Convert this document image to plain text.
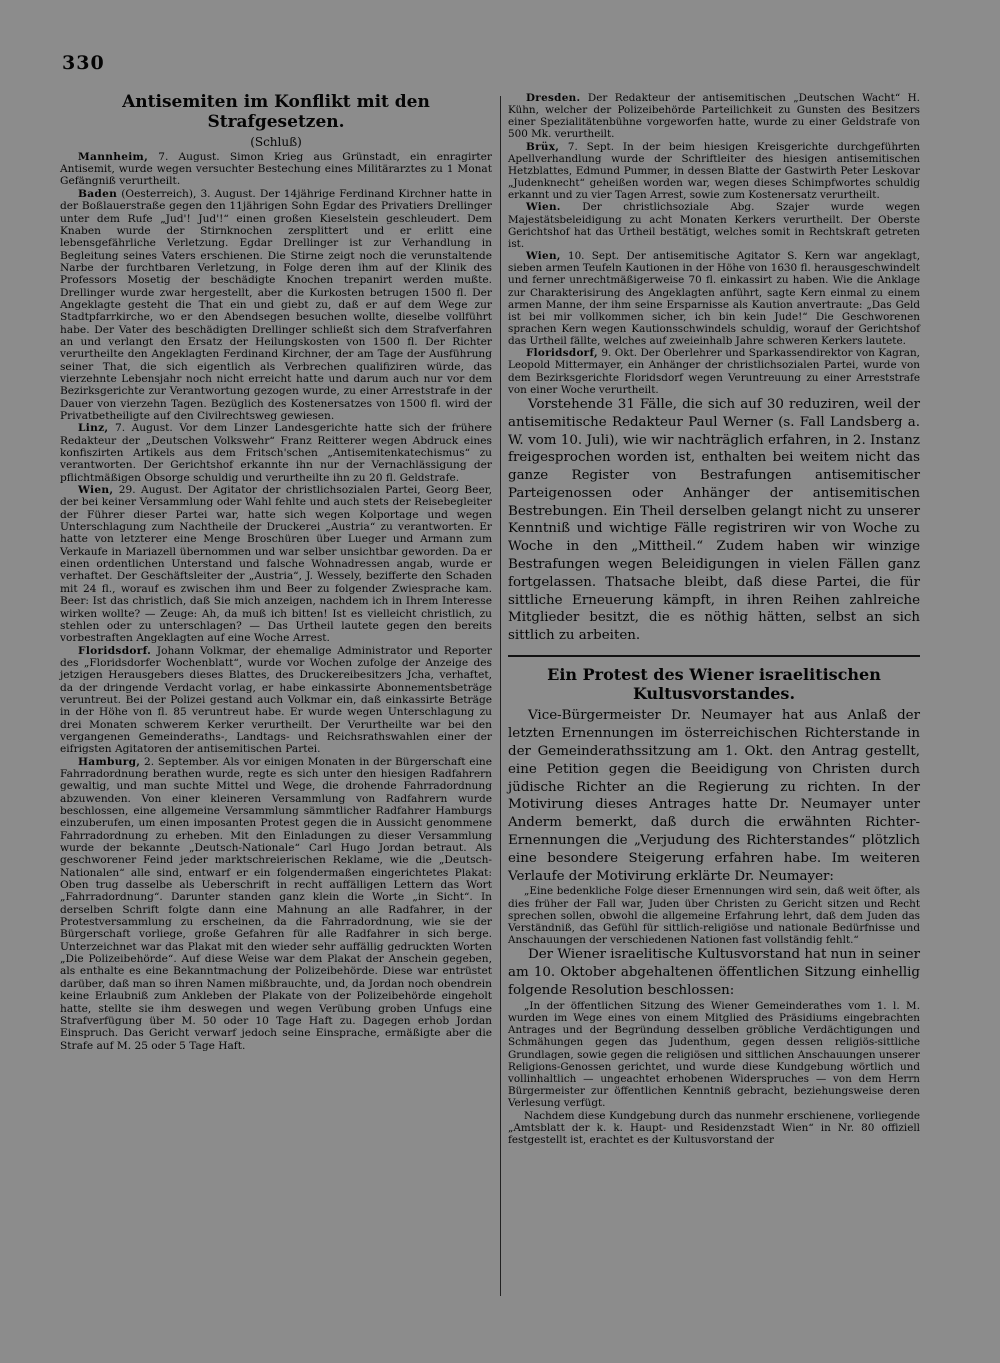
330
Antisemiten im Konflikt mit den Strafgesetzen.
(Schluß)

Mannheim, 7. August. Simon Krieg aus Grünstadt, ein enragirter Antisemit, wurde wegen versuchter Bestechung eines Militärarztes zu 1 Monat Gefängniß verurtheilt.

Baden (Oesterreich), 3. August. Der 14jährige Ferdinand Kirchner hatte in der Boßlauerstraße gegen den 11jährigen Sohn Egdar des Privatiers Drellinger unter dem Rufe „Jud'! Jud'!“ einen großen Kieselstein geschleudert. Dem Knaben wurde der Stirnknochen zersplittert und er erlitt eine lebensgefährliche Verletzung. Egdar Drellinger ist zur Verhandlung in Begleitung seines Vaters erschienen. Die Stirne zeigt noch die verunstaltende Narbe der furchtbaren Verletzung, in Folge deren ihm auf der Klinik des Professors Mosetig der beschädigte Knochen trepanirt werden mußte. Drellinger wurde zwar hergestellt, aber die Kurkosten betrugen 1500 fl. Der Angeklagte gesteht die That ein und giebt zu, daß er auf dem Wege zur Stadtpfarrkirche, wo er den Abendsegen besuchen wollte, dieselbe vollführt habe. Der Vater des beschädigten Drellinger schließt sich dem Strafverfahren an und verlangt den Ersatz der Heilungskosten von 1500 fl. Der Richter verurtheilte den Angeklagten Ferdinand Kirchner, der am Tage der Ausführung seiner That, die sich eigentlich als Verbrechen qualifiziren würde, das vierzehnte Lebensjahr noch nicht erreicht hatte und darum auch nur vor dem Bezirksgerichte zur Verantwortung gezogen wurde, zu einer Arreststrafe in der Dauer von vierzehn Tagen. Bezüglich des Kostenersatzes von 1500 fl. wird der Privatbetheiligte auf den Civilrechtsweg gewiesen.

Linz, 7. August. Vor dem Linzer Landesgerichte hatte sich der frühere Redakteur der „Deutschen Volkswehr“ Franz Reitterer wegen Abdruck eines konfiszirten Artikels aus dem Fritsch'schen „Antisemitenkatechismus“ zu verantworten. Der Gerichtshof erkannte ihn nur der Vernachlässigung der pflichtmäßigen Obsorge schuldig und verurtheilte ihn zu 20 fl. Geldstrafe.

Wien, 29. August. Der Agitator der christlichsozialen Partei, Georg Beer, der bei keiner Versammlung oder Wahl fehlte und auch stets der Reisebegleiter der Führer dieser Partei war, hatte sich wegen Kolportage und wegen Unterschlagung zum Nachtheile der Druckerei „Austria“ zu verantworten. Er hatte von letzterer eine Menge Broschüren über Lueger und Armann zum Verkaufe in Mariazell übernommen und war selber unsichtbar geworden. Da er einen ordentlichen Unterstand und falsche Wohnadressen angab, wurde er verhaftet. Der Geschäftsleiter der „Austria“, J. Wessely, bezifferte den Schaden mit 24 fl., worauf es zwischen ihm und Beer zu folgender Zwiesprache kam. Beer: Ist das christlich, daß Sie mich anzeigen, nachdem ich in Ihrem Interesse wirken wollte? — Zeuge: Ah, da muß ich bitten! Ist es vielleicht christlich, zu stehlen oder zu unterschlagen? — Das Urtheil lautete gegen den bereits vorbestraften Angeklagten auf eine Woche Arrest.

Floridsdorf. Johann Volkmar, der ehemalige Administrator und Reporter des „Floridsdorfer Wochenblatt“, wurde vor Wochen zufolge der Anzeige des jetzigen Herausgebers dieses Blattes, des Druckereibesitzers Jcha, verhaftet, da der dringende Verdacht vorlag, er habe einkassirte Abonnementsbeträge veruntreut. Bei der Polizei gestand auch Volkmar ein, daß einkassirte Beträge in der Höhe von fl. 85 veruntreut habe. Er wurde wegen Unterschlagung zu drei Monaten schwerem Kerker verurtheilt. Der Verurtheilte war bei den vergangenen Gemeinderaths-, Landtags- und Reichsrathswahlen einer der eifrigsten Agitatoren der antisemitischen Partei.

Hamburg, 2. September. Als vor einigen Monaten in der Bürgerschaft eine Fahrradordnung berathen wurde, regte es sich unter den hiesigen Radfahrern gewaltig, und man suchte Mittel und Wege, die drohende Fahrradordnung abzuwenden. Von einer kleineren Versammlung von Radfahrern wurde beschlossen, eine allgemeine Versammlung sämmtlicher Radfahrer Hamburgs einzuberufen, um einen imposanten Protest gegen die in Aussicht genommene Fahrradordnung zu erheben. Mit den Einladungen zu dieser Versammlung wurde der bekannte „Deutsch-Nationale“ Carl Hugo Jordan betraut. Als geschworener Feind jeder marktschreierischen Reklame, wie die „Deutsch-Nationalen“ alle sind, entwarf er ein folgendermaßen eingerichtetes Plakat: Oben trug dasselbe als Ueberschrift in recht auffälligen Lettern das Wort „Fahrradordnung“. Darunter standen ganz klein die Worte „in Sicht“. In derselben Schrift folgte dann eine Mahnung an alle Radfahrer, in der Protestversammlung zu erscheinen, da die Fahrradordnung, wie sie der Bürgerschaft vorliege, große Gefahren für alle Radfahrer in sich berge. Unterzeichnet war das Plakat mit den wieder sehr auffällig gedruckten Worten „Die Polizeibehörde“. Auf diese Weise war dem Plakat der Anschein gegeben, als enthalte es eine Bekanntmachung der Polizeibehörde. Diese war entrüstet darüber, daß man so ihren Namen mißbrauchte, und, da Jordan noch obendrein keine Erlaubniß zum Ankleben der Plakate von der Polizeibehörde eingeholt hatte, stellte sie ihm deswegen und wegen Verübung groben Unfugs eine Strafverfügung über M. 50 oder 10 Tage Haft zu. Dagegen erhob Jordan Einspruch. Das Gericht verwarf jedoch seine Einsprache, ermäßigte aber die Strafe auf M. 25 oder 5 Tage Haft.

Dresden. Der Redakteur der antisemitischen „Deutschen Wacht“ H. Kühn, welcher der Polizeibehörde Parteilichkeit zu Gunsten des Besitzers einer Spezialitätenbühne vorgeworfen hatte, wurde zu einer Geldstrafe von 500 Mk. verurtheilt.

Brüx, 7. Sept. In der beim hiesigen Kreisgerichte durchgeführten Apellverhandlung wurde der Schriftleiter des hiesigen antisemitischen Hetzblattes, Edmund Pummer, in dessen Blatte der Gastwirth Peter Leskovar „Judenknecht“ geheißen worden war, wegen dieses Schimpfwortes schuldig erkannt und zu vier Tagen Arrest, sowie zum Kostenersatz verurtheilt.

Wien. Der christlichsoziale Abg. Szajer wurde wegen Majestätsbeleidigung zu acht Monaten Kerkers verurtheilt. Der Oberste Gerichtshof hat das Urtheil bestätigt, welches somit in Rechtskraft getreten ist.

Wien, 10. Sept. Der antisemitische Agitator S. Kern war angeklagt, sieben armen Teufeln Kautionen in der Höhe von 1630 fl. herausgeschwindelt und ferner unrechtmäßigerweise 70 fl. einkassirt zu haben. Wie die Anklage zur Charakterisirung des Angeklagten anführt, sagte Kern einmal zu einem armen Manne, der ihm seine Ersparnisse als Kaution anvertraute: „Das Geld ist bei mir vollkommen sicher, ich bin kein Jude!“ Die Geschworenen sprachen Kern wegen Kautionsschwindels schuldig, worauf der Gerichtshof das Urtheil fällte, welches auf zweieinhalb Jahre schweren Kerkers lautete.

Floridsdorf, 9. Okt. Der Oberlehrer und Sparkassendirektor von Kagran, Leopold Mittermayer, ein Anhänger der christlichsozialen Partei, wurde von dem Bezirksgerichte Floridsdorf wegen Veruntreuung zu einer Arreststrafe von einer Woche verurtheilt.

Vorstehende 31 Fälle, die sich auf 30 reduziren, weil der antisemitische Redakteur Paul Werner (s. Fall Landsberg a. W. vom 10. Juli), wie wir nachträglich erfahren, in 2. Instanz freigesprochen worden ist, enthalten bei weitem nicht das ganze Register von Bestrafungen antisemitischer Parteigenossen oder Anhänger der antisemitischen Bestrebungen. Ein Theil derselben gelangt nicht zu unserer Kenntniß und wichtige Fälle registriren wir von Woche zu Woche in den „Mittheil.“ Zudem haben wir winzige Bestrafungen wegen Beleidigungen in vielen Fällen ganz fortgelassen. Thatsache bleibt, daß diese Partei, die für sittliche Erneuerung kämpft, in ihren Reihen zahlreiche Mitglieder besitzt, die es nöthig hätten, selbst an sich sittlich zu arbeiten.

Ein Protest des Wiener israelitischen Kultusvorstandes.

Vice-Bürgermeister Dr. Neumayer hat aus Anlaß der letzten Ernennungen im österreichischen Richterstande in der Gemeinderathssitzung am 1. Okt. den Antrag gestellt, eine Petition gegen die Beeidigung von Christen durch jüdische Richter an die Regierung zu richten. In der Motivirung dieses Antrages hatte Dr. Neumayer unter Anderm bemerkt, daß durch die erwähnten Richter-Ernennungen die „Verjudung des Richterstandes“ plötzlich eine besondere Steigerung erfahren habe. Im weiteren Verlaufe der Motivirung erklärte Dr. Neumayer:

„Eine bedenkliche Folge dieser Ernennungen wird sein, daß weit öfter, als dies früher der Fall war, Juden über Christen zu Gericht sitzen und Recht sprechen sollen, obwohl die allgemeine Erfahrung lehrt, daß dem Juden das Verständniß, das Gefühl für sittlich-religiöse und nationale Bedürfnisse und Anschauungen der verschiedenen Nationen fast vollständig fehlt.“

Der Wiener israelitische Kultusvorstand hat nun in seiner am 10. Oktober abgehaltenen öffentlichen Sitzung einhellig folgende Resolution beschlossen:

„In der öffentlichen Sitzung des Wiener Gemeinderathes vom 1. l. M. wurden im Wege eines von einem Mitglied des Präsidiums eingebrachten Antrages und der Begründung desselben gröbliche Verdächtigungen und Schmähungen gegen das Judenthum, gegen dessen religiös-sittliche Grundlagen, sowie gegen die religiösen und sittlichen Anschauungen unserer Religions-Genossen gerichtet, und wurde diese Kundgebung wörtlich und vollinhaltlich — ungeachtet erhobenen Widerspruches — von dem Herrn Bürgermeister zur öffentlichen Kenntniß gebracht, beziehungsweise deren Verlesung verfügt.

Nachdem diese Kundgebung durch das nunmehr erschienene, vorliegende „Amtsblatt der k. k. Haupt- und Residenzstadt Wien“ in Nr. 80 offiziell festgestellt ist, erachtet es der Kultusvorstand der
